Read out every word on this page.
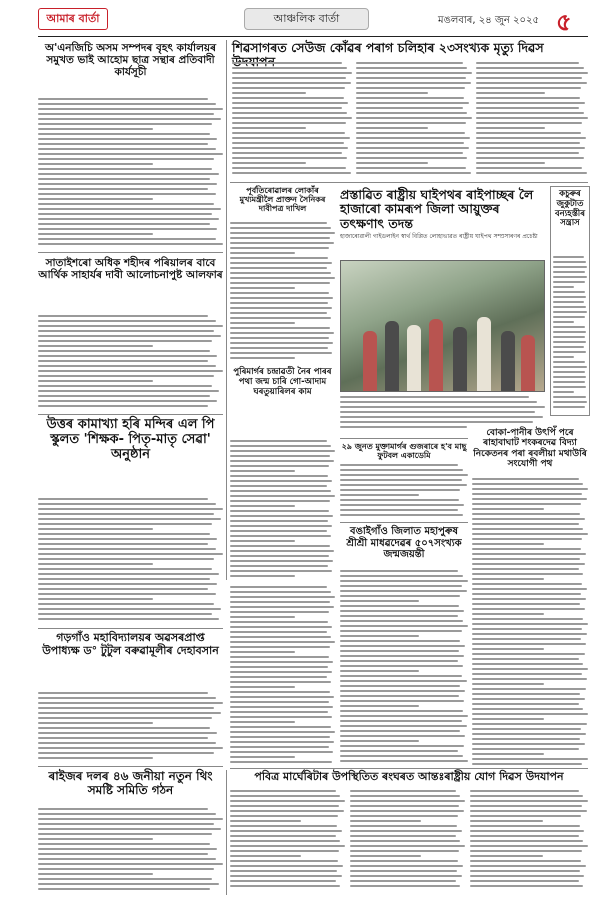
আমাৰ বাৰ্তা	আঞ্চলিক বাৰ্তা	মঙলবাৰ, ২৪ জুন ২০২৫ ৫
অ'এনজিচি অসম সম্পদৰ বৃহৎ কাৰ্যালয়ৰ সমুখত ভাই আহোম ছাত্ৰ সন্থাৰ প্ৰতিবাদী কাৰ্যসূচী
সাতাইশৰো অধিক শহীদৰ পৰিয়ালৰ বাবে আৰ্থিক সাহাৰ্যৰ দাবী আলোচনাপুষ্ট আলফাৰ
উত্তৰ কামাখ্যা হৰি মন্দিৰ এল পি স্কুলত 'শিক্ষক- পিতৃ-মাতৃ সেৱা' অনুষ্ঠান
গড়গাঁও মহাবিদ্যালয়ৰ অৱসৰপ্ৰাপ্ত উপাধ্যক্ষ ড° টুটুল বৰুৱামূলীৰ দেহাবসান
ৰাইজৰ দলৰ ৪৬ জনীয়া নতুন থিং সমষ্টি সমিতি গঠন
শিৱসাগৰত সেউজ কোঁৱৰ পৰাগ চলিহাৰ ২৩সংখ্যক মৃত্যু দিৱস
পূৰ্বতিৰোৱালৰ লোকাঁৰ মুখ্যমন্ত্ৰীলৈ প্ৰাক্তন সৈনিকৰ দাবীপত্ৰ দাখিল
প্ৰস্তাৱিত ৰাষ্ট্ৰীয় ঘাইপথৰ ৰাইপাচ্ছৰ লৈ হাজাৰো কামৰূপ জিলা আয়ুক্তৰ তৎক্ষণাৎ তদন্ত
হাজাৰোৱালী গাইডলাইন স্বাৰ্থ বিপ্লিত লোহাভাৱত ৰাষ্ট্ৰীয় ঘাইপথ সম্প্ৰসাৰণৰ প্ৰচেষ্টা
কচুৰুৰ জুকুটাত বন্যহস্তীৰ সন্ত্ৰাস
পুৰিমাৰ্গৰ চন্দ্ৰাৱতী নৈৰ পাৰৰ পথা জন্ম চাৰি গো-আদাম ঘৰতুয়াৰিলৰ কাম
২৯ জুনত মুক্তামাৰ্গৰ গুজৰাৰে হ'ব মাছু ফুটবল একাডেমি
বোকা-পানীৰ উৎপিঁ পৰে ৰাহাবাঘাট শংকৰদেৱ বিদ্যা নিকেতনৰ পৰা ৰবলীয়া মথাউৰি সংযোগী পথ
বঙাইগাঁও জিলাত মহাপুৰুষ শ্ৰীশ্ৰী মাধৱদেৱৰ ৫০৭সংখ্যক জন্মজয়ন্তী
পবিত্ৰ মাৰ্ঘেৰিটাৰ উপস্থিতিত ৰংঘৰত আন্তঃৰাষ্ট্ৰীয় যোগ দিৱস উদযাপন
